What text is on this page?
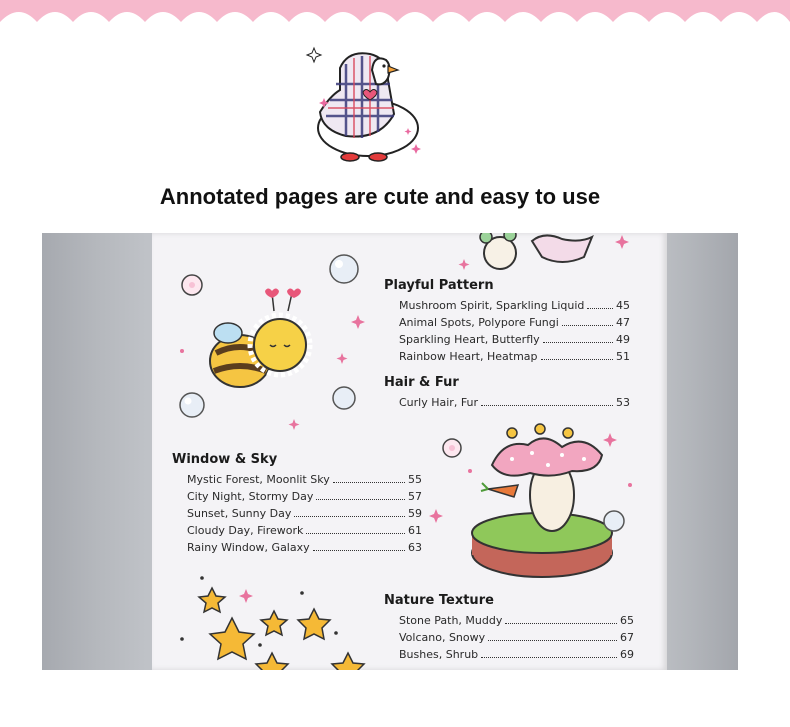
Annotated pages are cute and easy to use
Playful Pattern
Mushroom Spirit, Sparkling Liquid	45
Animal Spots, Polypore Fungi	47
Sparkling Heart, Butterfly	49
Rainbow Heart, Heatmap	51
Hair & Fur
Curly Hair, Fur	53
Window & Sky
Mystic Forest, Moonlit Sky	55
City Night, Stormy Day	57
Sunset, Sunny Day	59
Cloudy Day, Firework	61
Rainy Window, Galaxy	63
Nature Texture
Stone Path, Muddy	65
Volcano, Snowy	67
Bushes, Shrub	69
